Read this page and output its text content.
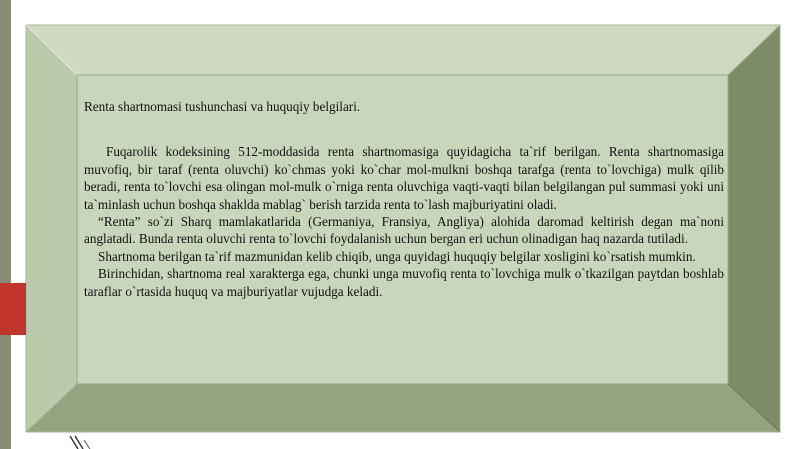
Renta shartnomasi tushunchasi va huquqiy belgilari.

Fuqarolik kodeksining 512-moddasida renta shartnomasiga quyidagicha ta`rif berilgan. Renta shartnomasiga muvofiq, bir taraf (renta oluvchi) ko`chmas yoki ko`char mol-mulkni boshqa tarafga (renta to`lovchiga) mulk qilib beradi, renta to`lovchi esa olingan mol-mulk o`rniga renta oluvchiga vaqti-vaqti bilan belgilangan pul summasi yoki uni ta`minlash uchun boshqa shaklda mablag` berish tarzida renta to`lash majburiyatini oladi.

“Renta” so`zi Sharq mamlakatlarida (Germaniya, Fransiya, Angliya) alohida daromad keltirish degan ma`noni anglatadi. Bunda renta oluvchi renta to`lovchi foydalanish uchun bergan eri uchun olinadigan haq nazarda tutiladi.

Shartnoma berilgan ta`rif mazmunidan kelib chiqib, unga quyidagi huquqiy belgilar xosligini ko`rsatish mumkin.

Birinchidan, shartnoma real xarakterga ega, chunki unga muvofiq renta to`lovchiga mulk o`tkazilgan paytdan boshlab taraflar o`rtasida huquq va majburiyatlar vujudga keladi.
